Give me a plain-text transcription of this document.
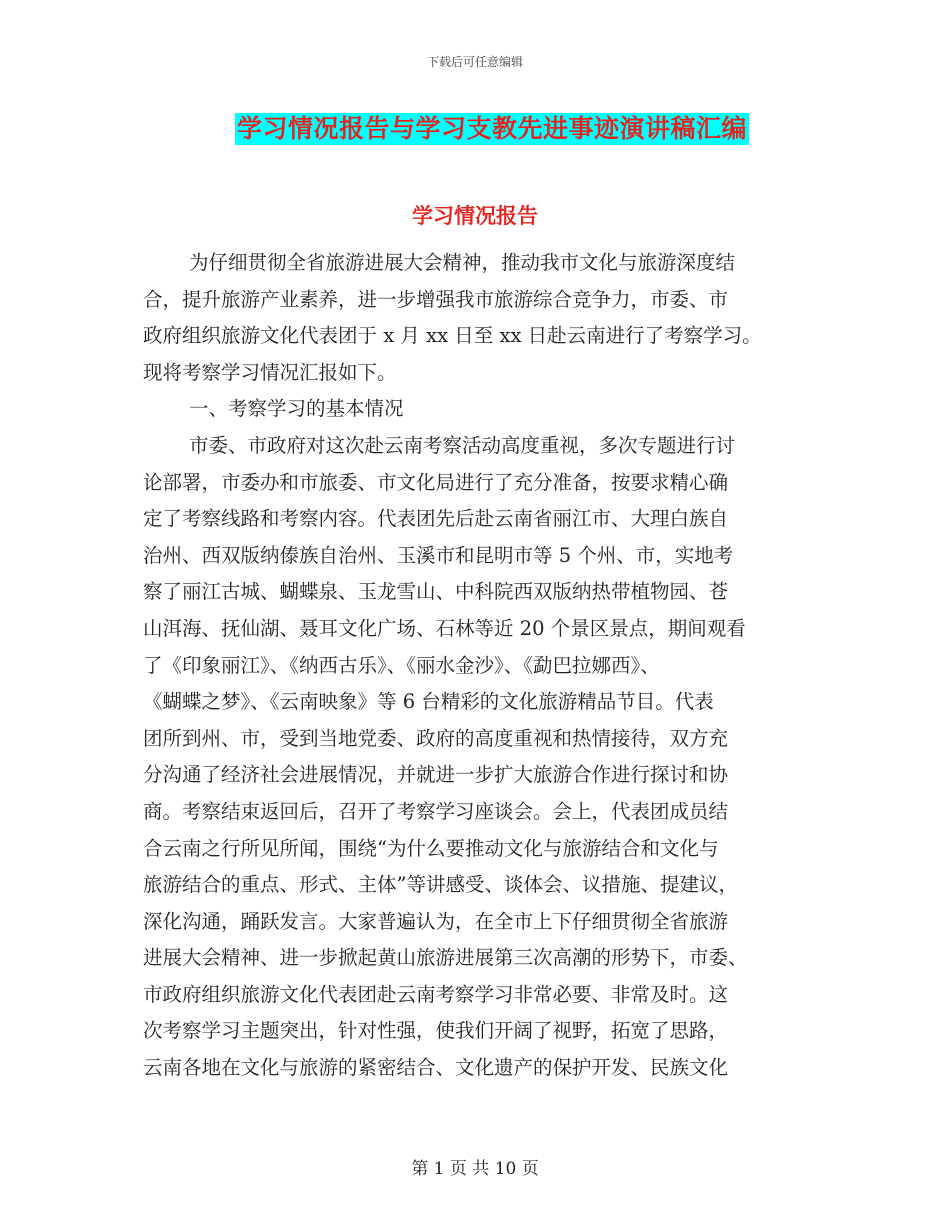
下载后可任意编辑
学习情况报告与学习支教先进事迹演讲稿汇编
学习情况报告
为仔细贯彻全省旅游进展大会精神，推动我市文化与旅游深度结
合，提升旅游产业素养，进一步增强我市旅游综合竞争力，市委、市
政府组织旅游文化代表团于 x 月 xx 日至 xx 日赴云南进行了考察学习。
现将考察学习情况汇报如下。
一、考察学习的基本情况
市委、市政府对这次赴云南考察活动高度重视，多次专题进行讨
论部署，市委办和市旅委、市文化局进行了充分准备，按要求精心确
定了考察线路和考察内容。代表团先后赴云南省丽江市、大理白族自
治州、西双版纳傣族自治州、玉溪市和昆明市等 5 个州、市，实地考
察了丽江古城、蝴蝶泉、玉龙雪山、中科院西双版纳热带植物园、苍
山洱海、抚仙湖、聂耳文化广场、石林等近 20 个景区景点，期间观看
了《印象丽江》、《纳西古乐》、《丽水金沙》、《勐巴拉娜西》、
《蝴蝶之梦》、《云南映象》等 6 台精彩的文化旅游精品节目。代表
团所到州、市，受到当地党委、政府的高度重视和热情接待，双方充
分沟通了经济社会进展情况，并就进一步扩大旅游合作进行探讨和协
商。考察结束返回后，召开了考察学习座谈会。会上，代表团成员结
合云南之行所见所闻，围绕“为什么要推动文化与旅游结合和文化与
旅游结合的重点、形式、主体”等讲感受、谈体会、议措施、提建议，
深化沟通，踊跃发言。大家普遍认为，在全市上下仔细贯彻全省旅游
进展大会精神、进一步掀起黄山旅游进展第三次高潮的形势下，市委、
市政府组织旅游文化代表团赴云南考察学习非常必要、非常及时。这
次考察学习主题突出，针对性强，使我们开阔了视野，拓宽了思路，
云南各地在文化与旅游的紧密结合、文化遗产的保护开发、民族文化
第 1 页 共 10 页
